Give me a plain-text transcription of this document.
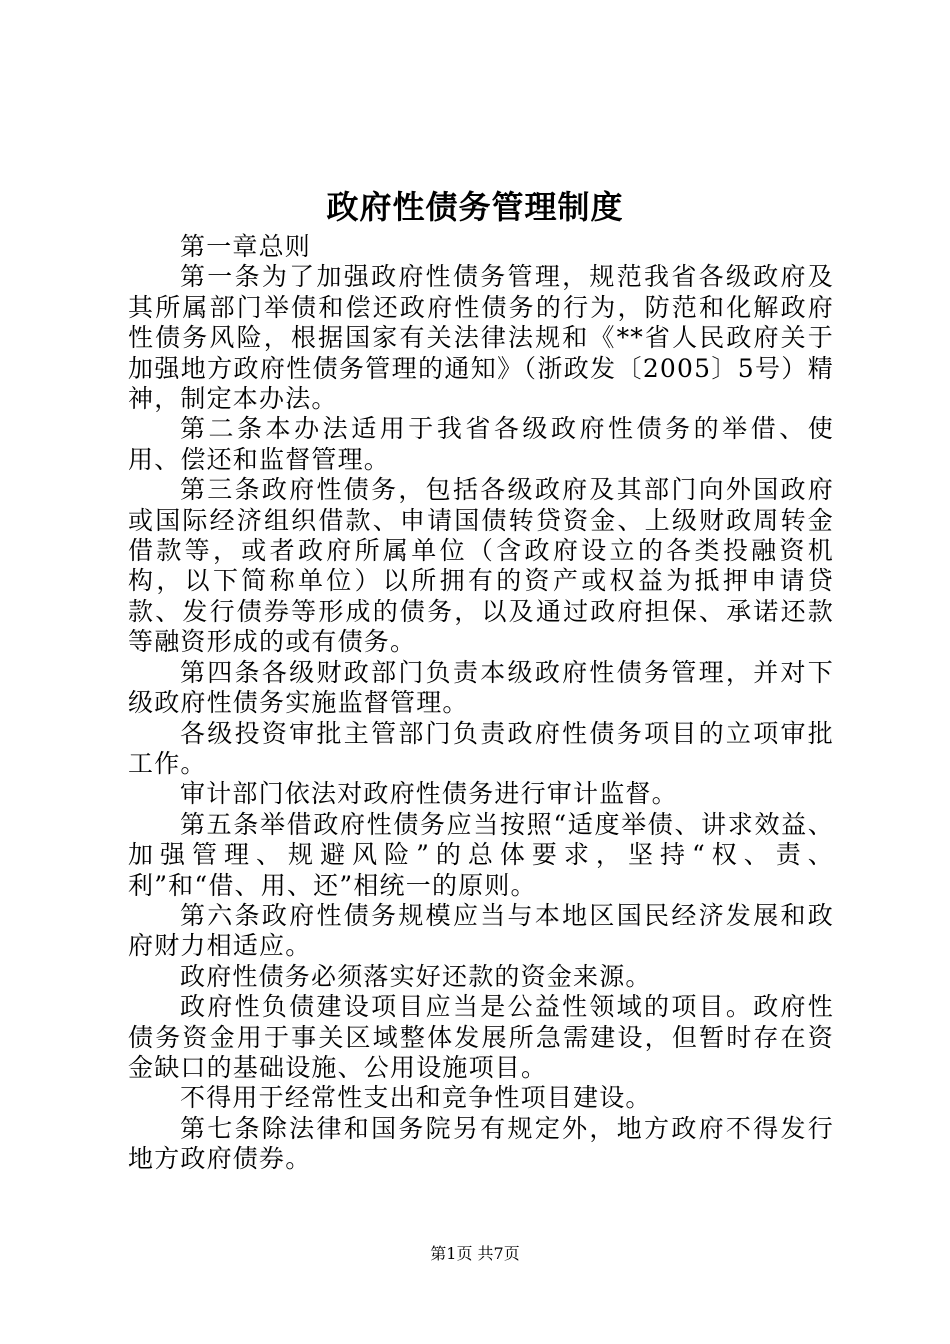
政府性债务管理制度

第一章总则

第一条为了加强政府性债务管理，规范我省各级政府及其所属部门举债和偿还政府性债务的行为，防范和化解政府性债务风险，根据国家有关法律法规和《**省人民政府关于加强地方政府性债务管理的通知》（浙政发〔2005〕5号）精神，制定本办法。

第二条本办法适用于我省各级政府性债务的举借、使用、偿还和监督管理。

第三条政府性债务，包括各级政府及其部门向外国政府或国际经济组织借款、申请国债转贷资金、上级财政周转金借款等，或者政府所属单位（含政府设立的各类投融资机构，以下简称单位）以所拥有的资产或权益为抵押申请贷款、发行债券等形成的债务，以及通过政府担保、承诺还款等融资形成的或有债务。

第四条各级财政部门负责本级政府性债务管理，并对下级政府性债务实施监督管理。

各级投资审批主管部门负责政府性债务项目的立项审批工作。

审计部门依法对政府性债务进行审计监督。

第五条举借政府性债务应当按照“适度举债、讲求效益、加强管理、规避风险”的总体要求，坚持“权、责、利”和“借、用、还”相统一的原则。

第六条政府性债务规模应当与本地区国民经济发展和政府财力相适应。

政府性债务必须落实好还款的资金来源。

政府性负债建设项目应当是公益性领域的项目。政府性债务资金用于事关区域整体发展所急需建设，但暂时存在资金缺口的基础设施、公用设施项目。

不得用于经常性支出和竞争性项目建设。

第七条除法律和国务院另有规定外，地方政府不得发行地方政府债券。

第1页 共7页
